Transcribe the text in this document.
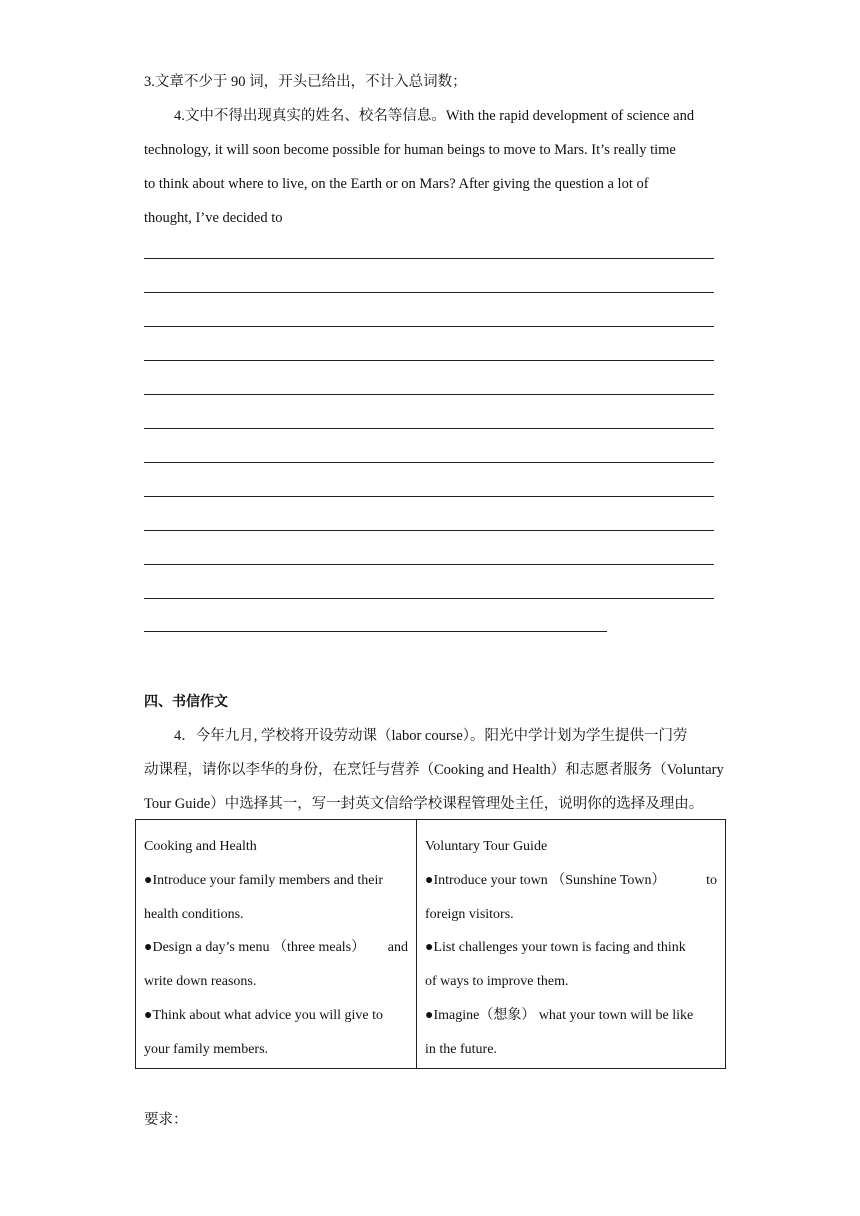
3.文章不少于 90 词，开头已给出，不计入总词数；
4.文中不得出现真实的姓名、校名等信息。With the rapid development of science and
technology, it will soon become possible for human beings to move to Mars. It’s really time
to think about where to live, on the Earth or on Mars? After giving the question a lot of
thought, I’ve decided to
四、书信作文
4．今年九月, 学校将开设劳动课（labor course）。阳光中学计划为学生提供一门劳
动课程，请你以李华的身份，在烹饪与营养（Cooking and Health）和志愿者服务（Voluntary
Tour Guide）中选择其一，写一封英文信给学校课程管理处主任，说明你的选择及理由。
Cooking and Health
●Introduce your family members and their
health conditions.
●Design a day’s menu （three meals） and
write down reasons.
●Think about what advice you will give to
your family members.

Voluntary Tour Guide
●Introduce your town （Sunshine Town）	to
foreign visitors.
●List challenges your town is facing and think
of ways to improve them.
●Imagine（想象） what your town will be like
in the future.
要求：
